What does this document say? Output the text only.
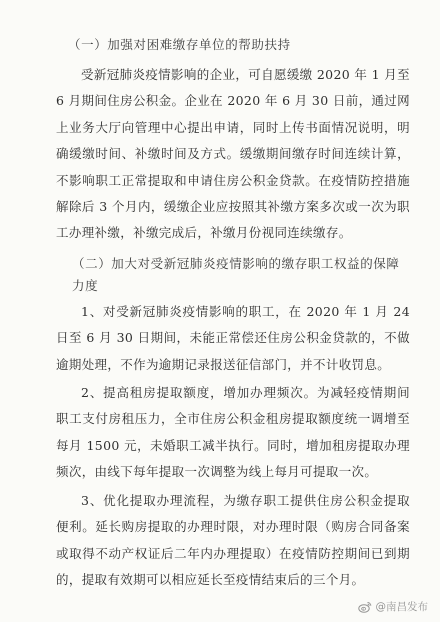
（一）加强对困难缴存单位的帮助扶持

受新冠肺炎疫情影响的企业，可自愿缓缴 2020 年 1 月至 6 月期间住房公积金。企业在 2020 年 6 月 30 日前，通过网上业务大厅向管理中心提出申请，同时上传书面情况说明，明确缓缴时间、补缴时间及方式。缓缴期间缴存时间连续计算，不影响职工正常提取和申请住房公积金贷款。在疫情防控措施解除后 3 个月内，缓缴企业应按照其补缴方案多次或一次为职工办理补缴，补缴完成后，补缴月份视同连续缴存。

（二）加大对受新冠肺炎疫情影响的缴存职工权益的保障力度

1、对受新冠肺炎疫情影响的职工，在 2020 年 1 月 24 日至 6 月 30 日期间，未能正常偿还住房公积金贷款的，不做逾期处理，不作为逾期记录报送征信部门，并不计收罚息。

2、提高租房提取额度，增加办理频次。为减轻疫情期间职工支付房租压力，全市住房公积金租房提取额度统一调增至每月 1500 元，未婚职工减半执行。同时，增加租房提取办理频次，由线下每年提取一次调整为线上每月可提取一次。

3、优化提取办理流程，为缴存职工提供住房公积金提取便利。延长购房提取的办理时限，对办理时限（购房合同备案或取得不动产权证后二年内办理提取）在疫情防控期间已到期的，提取有效期可以相应延长至疫情结束后的三个月。

@南昌发布
